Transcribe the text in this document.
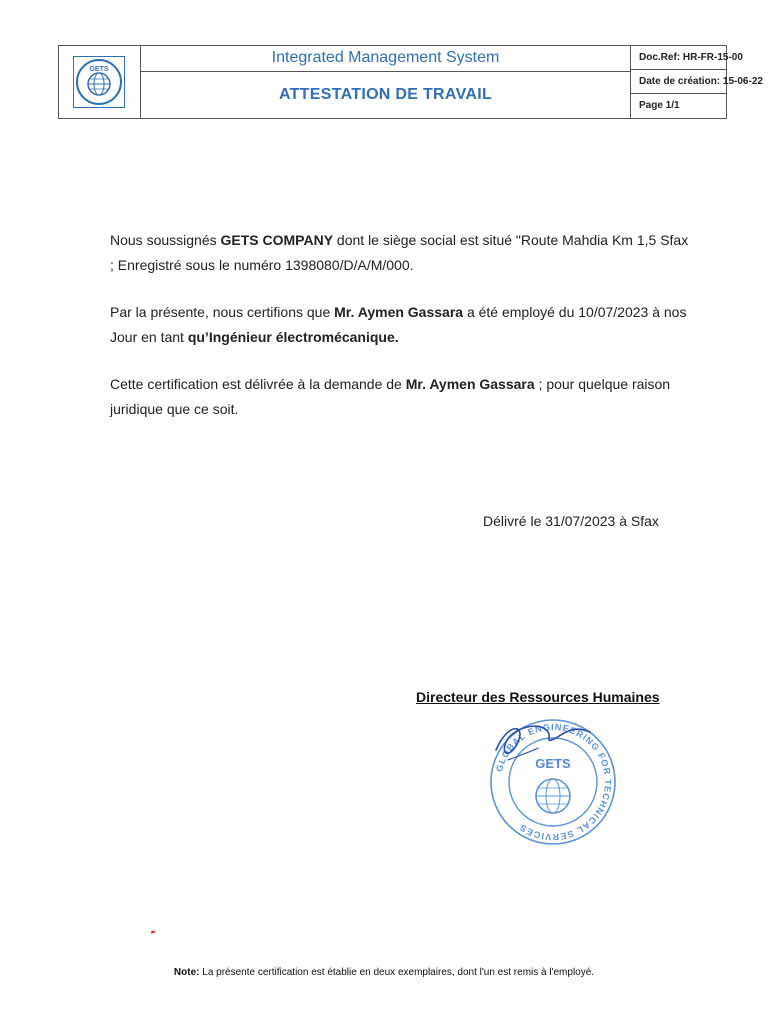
GETS
Integrated Management System
ATTESTATION DE TRAVAIL
Doc.Ref: HR-FR-15-00
Date de création: 15-06-22
Page 1/1

Nous soussignés GETS COMPANY dont le siège social est situé "Route Mahdia Km 1,5 Sfax ; Enregistré sous le numéro 1398080/D/A/M/000.

Par la présente, nous certifions que Mr. Aymen Gassara a été employé du 10/07/2023 à nos Jour en tant qu’Ingénieur électromécanique.

Cette certification est délivrée à la demande de Mr. Aymen Gassara ; pour quelque raison juridique que ce soit.

Délivré le 31/07/2023 à Sfax
Directeur des Ressources Humaines
GLOBAL ENGINEERING FOR TECHNICAL SERVICES
GETS
Note: La présente certification est établie en deux exemplaires, dont l'un est remis à l'employé.
